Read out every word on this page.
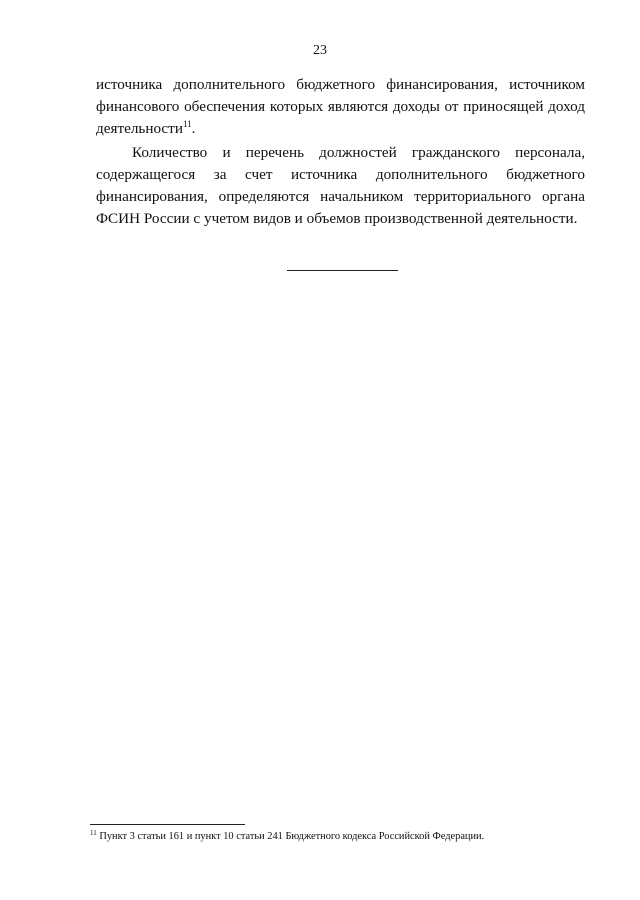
23

источника дополнительного бюджетного финансирования, источником финансового обеспечения которых являются доходы от приносящей доход деятельности$^{11}$.

Количество и перечень должностей гражданского персонала, содержащегося за счет источника дополнительного бюджетного финансирования, определяются начальником территориального органа ФСИН России с учетом видов и объемов производственной деятельности.

$^{11}$ Пункт 3 статьи 161 и пункт 10 статьи 241 Бюджетного кодекса Российской Федерации.
